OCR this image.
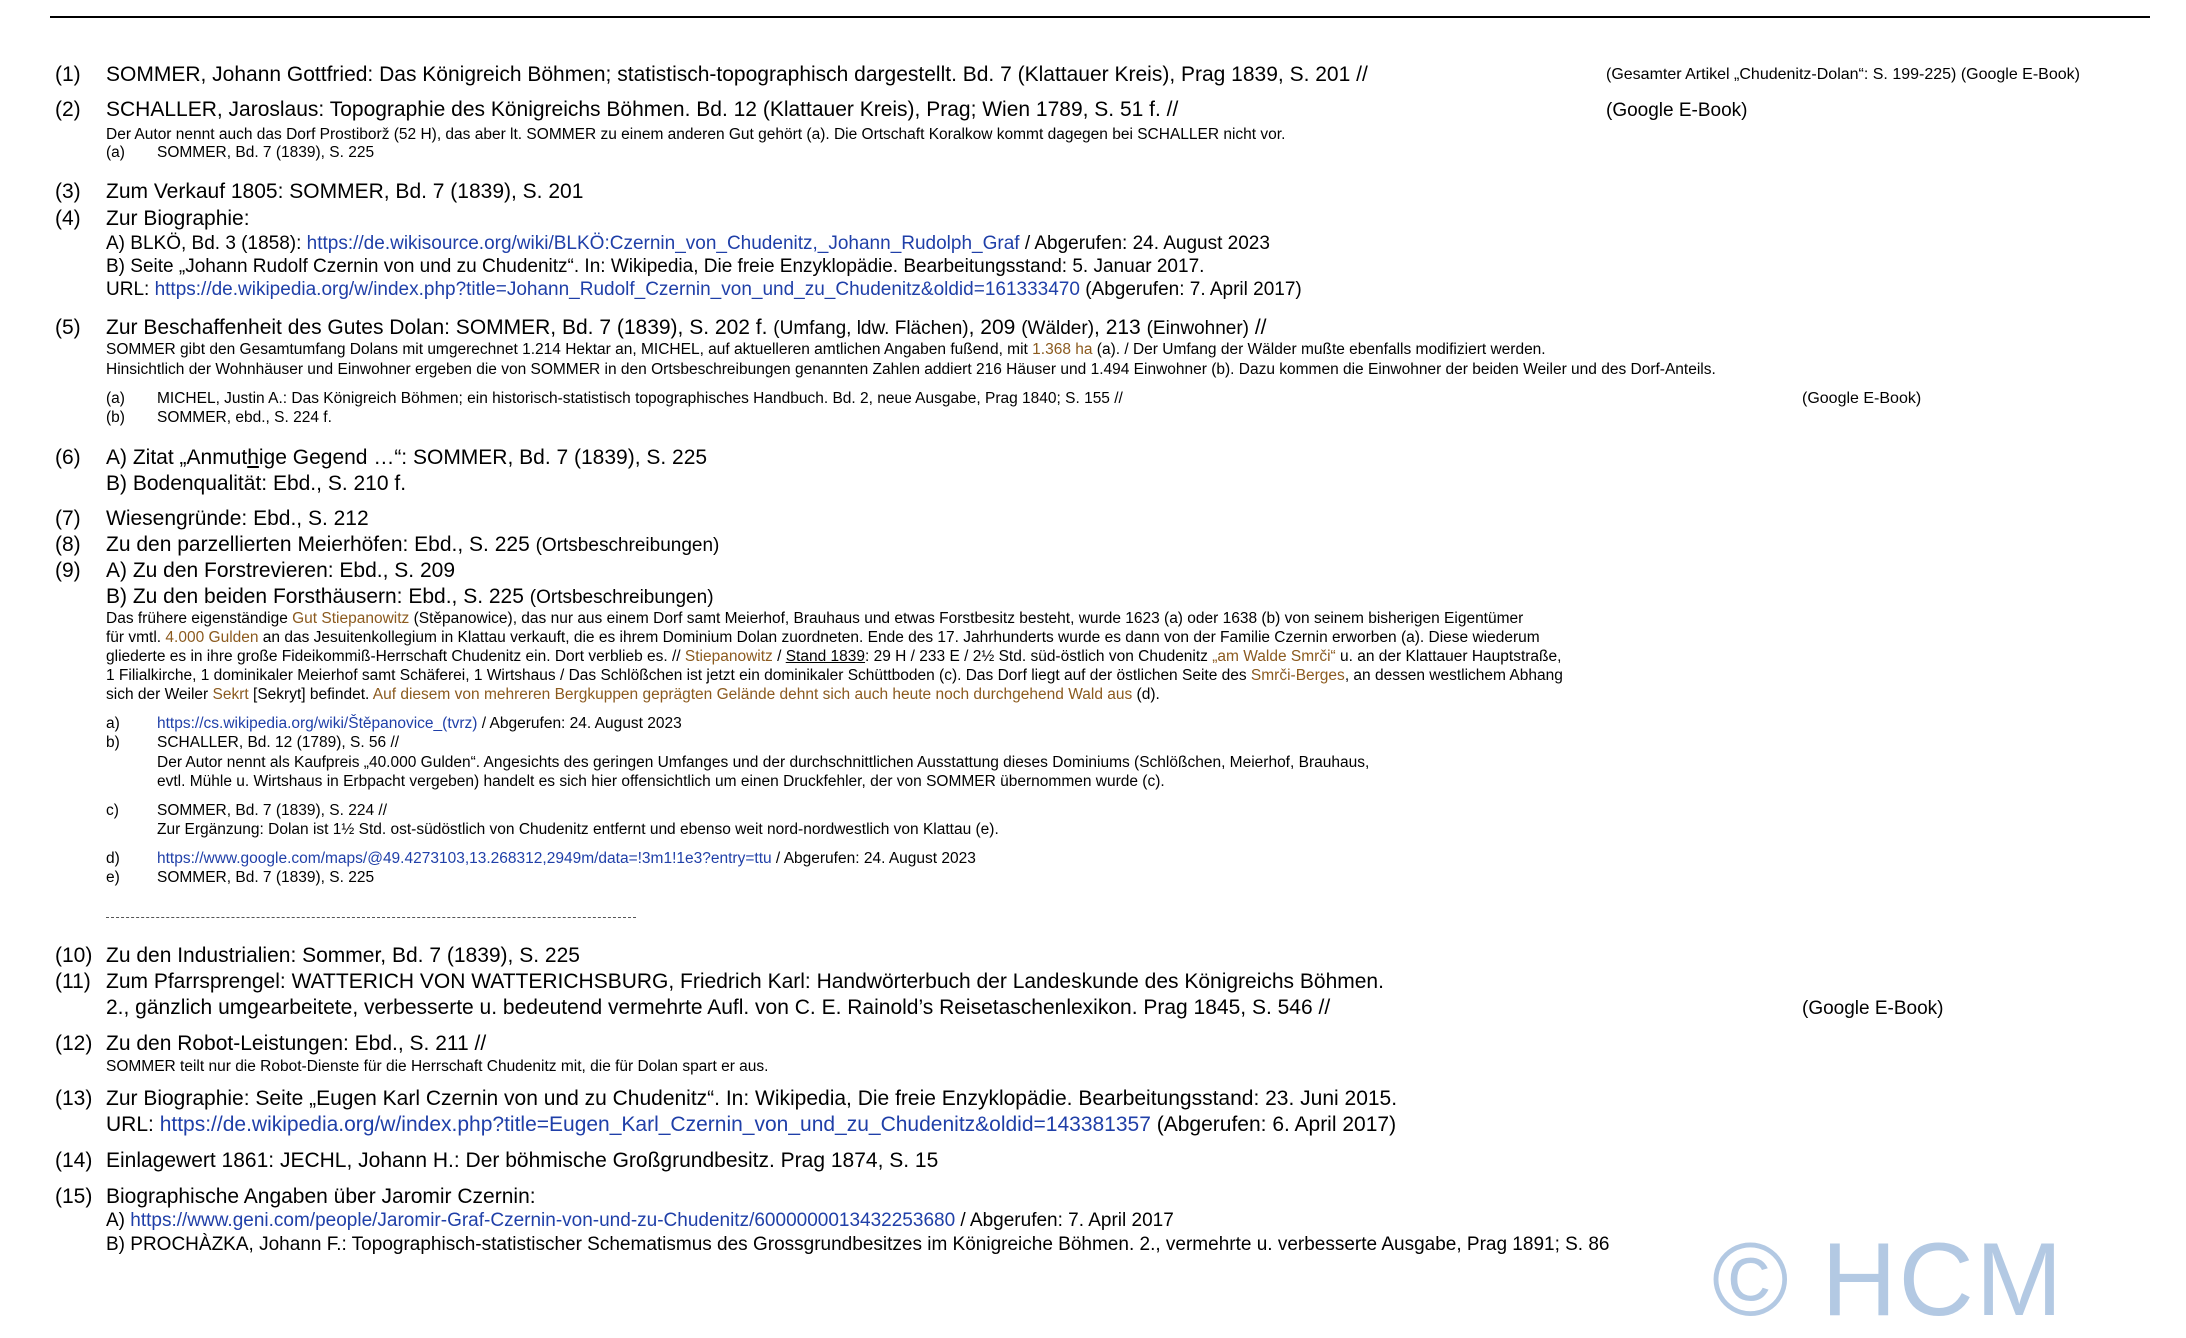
(1) SOMMER, Johann Gottfried: Das Königreich Böhmen; statistisch-topographisch dargestellt. Bd. 7 (Klattauer Kreis), Prag 1839, S. 201 //	(Gesamter Artikel „Chudenitz-Dolan“: S. 199-225) (Google E-Book)
(2) SCHALLER, Jaroslaus: Topographie des Königreichs Böhmen. Bd. 12 (Klattauer Kreis), Prag; Wien 1789, S. 51 f. //	(Google E-Book)
Der Autor nennt auch das Dorf Prostiborž (52 H), das aber lt. SOMMER zu einem anderen Gut gehört (a). Die Ortschaft Koralkow kommt dagegen bei SCHALLER nicht vor.
(a) SOMMER, Bd. 7 (1839), S. 225
(3) Zum Verkauf 1805: SOMMER, Bd. 7 (1839), S. 201
(4) Zur Biographie:
A) BLKÖ, Bd. 3 (1858): https://de.wikisource.org/wiki/BLKÖ:Czernin_von_Chudenitz,_Johann_Rudolph_Graf / Abgerufen: 24. August 2023
B) Seite „Johann Rudolf Czernin von und zu Chudenitz“. In: Wikipedia, Die freie Enzyklopädie. Bearbeitungsstand: 5. Januar 2017.
URL: https://de.wikipedia.org/w/index.php?title=Johann_Rudolf_Czernin_von_und_zu_Chudenitz&oldid=161333470 (Abgerufen: 7. April 2017)
(5) Zur Beschaffenheit des Gutes Dolan: SOMMER, Bd. 7 (1839), S. 202 f. (Umfang, ldw. Flächen), 209 (Wälder), 213 (Einwohner) //
SOMMER gibt den Gesamtumfang Dolans mit umgerechnet 1.214 Hektar an, MICHEL, auf aktuelleren amtlichen Angaben fußend, mit 1.368 ha (a). / Der Umfang der Wälder mußte ebenfalls modifiziert werden.
Hinsichtlich der Wohnhäuser und Einwohner ergeben die von SOMMER in den Ortsbeschreibungen genannten Zahlen addiert 216 Häuser und 1.494 Einwohner (b). Dazu kommen die Einwohner der beiden Weiler und des Dorf-Anteils.
(a) MICHEL, Justin A.: Das Königreich Böhmen; ein historisch-statistisch topographisches Handbuch. Bd. 2, neue Ausgabe, Prag 1840; S. 155 //	(Google E-Book)
(b) SOMMER, ebd., S. 224 f.
(6) A) Zitat „Anmuthige Gegend …“: SOMMER, Bd. 7 (1839), S. 225
B) Bodenqualität: Ebd., S. 210 f.
(7) Wiesengründe: Ebd., S. 212
(8) Zu den parzellierten Meierhöfen: Ebd., S. 225 (Ortsbeschreibungen)
(9) A) Zu den Forstrevieren: Ebd., S. 209
B) Zu den beiden Forsthäusern: Ebd., S. 225 (Ortsbeschreibungen)
Das frühere eigenständige Gut Stiepanowitz (Stěpanowice), das nur aus einem Dorf samt Meierhof, Brauhaus und etwas Forstbesitz besteht, wurde 1623 (a) oder 1638 (b) von seinem bisherigen Eigentümer
für vmtl. 4.000 Gulden an das Jesuitenkollegium in Klattau verkauft, die es ihrem Dominium Dolan zuordneten. Ende des 17. Jahrhunderts wurde es dann von der Familie Czernin erworben (a). Diese wiederum
gliederte es in ihre große Fideikommiß-Herrschaft Chudenitz ein. Dort verblieb es. // Stiepanowitz / Stand 1839: 29 H / 233 E / 2½ Std. süd-östlich von Chudenitz „am Walde Smrči“ u. an der Klattauer Hauptstraße,
1 Filialkirche, 1 dominikaler Meierhof samt Schäferei, 1 Wirtshaus / Das Schlößchen ist jetzt ein dominikaler Schüttboden (c). Das Dorf liegt auf der östlichen Seite des Smrči-Berges, an dessen westlichem Abhang
sich der Weiler Sekrt [Sekryt] befindet. Auf diesem von mehreren Bergkuppen geprägten Gelände dehnt sich auch heute noch durchgehend Wald aus (d).
a) https://cs.wikipedia.org/wiki/Štěpanovice_(tvrz) / Abgerufen: 24. August 2023
b) SCHALLER, Bd. 12 (1789), S. 56 //
Der Autor nennt als Kaufpreis „40.000 Gulden“. Angesichts des geringen Umfanges und der durchschnittlichen Ausstattung dieses Dominiums (Schlößchen, Meierhof, Brauhaus,
evtl. Mühle u. Wirtshaus in Erbpacht vergeben) handelt es sich hier offensichtlich um einen Druckfehler, der von SOMMER übernommen wurde (c).
c) SOMMER, Bd. 7 (1839), S. 224 //
Zur Ergänzung: Dolan ist 1½ Std. ost-südöstlich von Chudenitz entfernt und ebenso weit nord-nordwestlich von Klattau (e).
d) https://www.google.com/maps/@49.4273103,13.268312,2949m/data=!3m1!1e3?entry=ttu / Abgerufen: 24. August 2023
e) SOMMER, Bd. 7 (1839), S. 225
(10) Zu den Industrialien: Sommer, Bd. 7 (1839), S. 225
(11) Zum Pfarrsprengel: WATTERICH VON WATTERICHSBURG, Friedrich Karl: Handwörterbuch der Landeskunde des Königreichs Böhmen.
2., gänzlich umgearbeitete, verbesserte u. bedeutend vermehrte Aufl. von C. E. Rainold’s Reisetaschenlexikon. Prag 1845, S. 546 //	(Google E-Book)
(12) Zu den Robot-Leistungen: Ebd., S. 211 //
SOMMER teilt nur die Robot-Dienste für die Herrschaft Chudenitz mit, die für Dolan spart er aus.
(13) Zur Biographie: Seite „Eugen Karl Czernin von und zu Chudenitz“. In: Wikipedia, Die freie Enzyklopädie. Bearbeitungsstand: 23. Juni 2015.
URL: https://de.wikipedia.org/w/index.php?title=Eugen_Karl_Czernin_von_und_zu_Chudenitz&oldid=143381357 (Abgerufen: 6. April 2017)
(14) Einlagewert 1861: JECHL, Johann H.: Der böhmische Großgrundbesitz. Prag 1874, S. 15
(15) Biographische Angaben über Jaromir Czernin:
A) https://www.geni.com/people/Jaromir-Graf-Czernin-von-und-zu-Chudenitz/6000000013432253680 / Abgerufen: 7. April 2017
B) PROCHÀZKA, Johann F.: Topographisch-statistischer Schematismus des Grossgrundbesitzes im Königreiche Böhmen. 2., vermehrte u. verbesserte Ausgabe, Prag 1891; S. 86 © HCM
